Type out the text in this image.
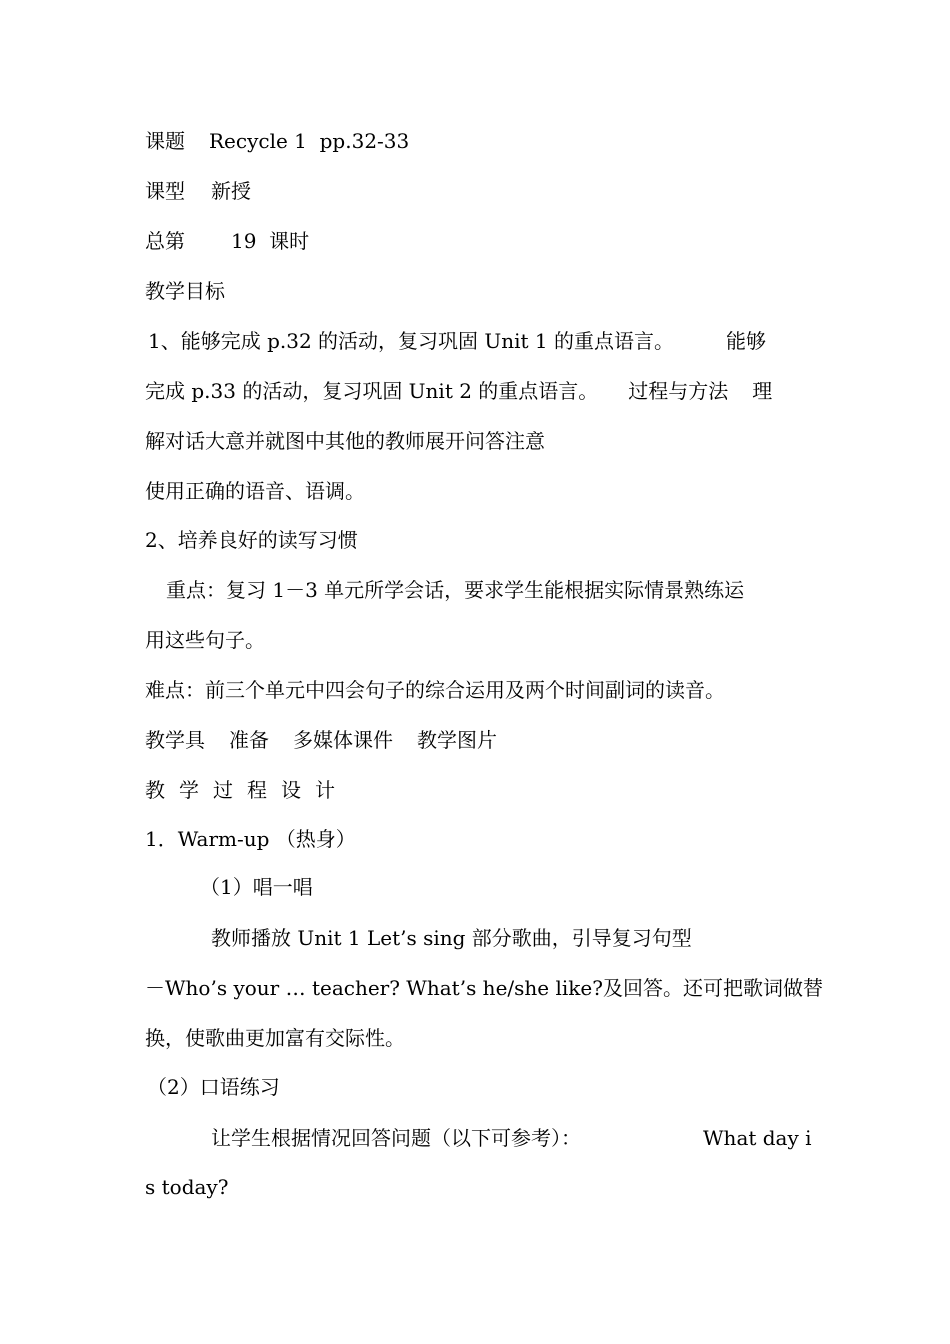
课题 Recycle 1  pp.32-33
课型 新授
总第 19  课时
教学目标
1、能够完成 p.32 的活动，复习巩固 Unit 1 的重点语言。	能够
完成 p.33 的活动，复习巩固 Unit 2 的重点语言。 过程与方法 理
解对话大意并就图中其他的教师展开问答注意
使用正确的语音、语调。
2、培养良好的读写习惯
重点：复习 1－3 单元所学会话，要求学生能根据实际情景熟练运
用这些句子。
难点：前三个单元中四会句子的综合运用及两个时间副词的读音。
教学具 准备 多媒体课件 教学图片
教学过程设计
1．Warm-up （热身）
（1）唱一唱
教师播放 Unit 1 Let’s sing 部分歌曲，引导复习句型
－Who’s your … teacher? What’s he/she like?及回答。还可把歌词做替
换，使歌曲更加富有交际性。
（2）口语练习
让学生根据情况回答问题（以下可参考）：	What day i
s today?
